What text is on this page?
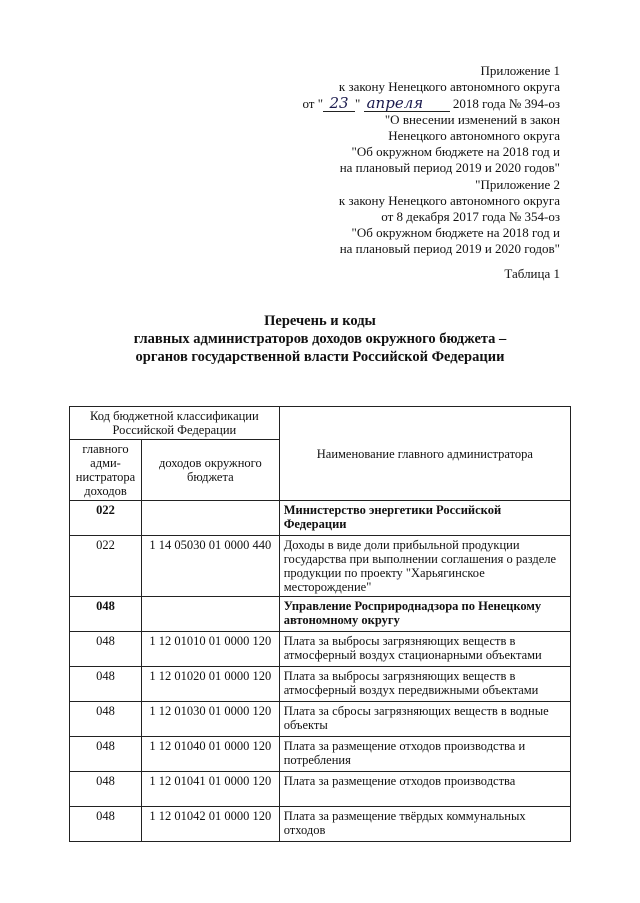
Приложение 1
к закону Ненецкого автономного округа
от " 23 " апреля 2018 года № 394-оз
"О внесении изменений в закон
Ненецкого автономного округа
"Об окружном бюджете на 2018 год и
на плановый период 2019 и 2020 годов"
"Приложение 2
к закону Ненецкого автономного округа
от 8 декабря 2017 года № 354-оз
"Об окружном бюджете на 2018 год и
на плановый период 2019 и 2020 годов"
Таблица 1
Перечень и коды
главных администраторов доходов окружного бюджета –
органов государственной власти Российской Федерации
Код бюджетной классификации Российской Федерации		Наименование главного администратора
главного адми- нистратора доходов	доходов окружного бюджета	
022		Министерство энергетики Российской Федерации
022	1 14 05030 01 0000 440	Доходы в виде доли прибыльной продукции государства при выполнении соглашения о разделе продукции по проекту "Харьягинское месторождение"
048		Управление Росприроднадзора по Ненецкому автономному округу
048	1 12 01010 01 0000 120	Плата за выбросы загрязняющих веществ в атмосферный воздух стационарными объектами
048	1 12 01020 01 0000 120	Плата за выбросы загрязняющих веществ в атмосферный воздух передвижными объектами
048	1 12 01030 01 0000 120	Плата за сбросы загрязняющих веществ в водные объекты
048	1 12 01040 01 0000 120	Плата за размещение отходов производства и потребления
048	1 12 01041 01 0000 120	Плата за размещение отходов производства
048	1 12 01042 01 0000 120	Плата за размещение твёрдых коммунальных отходов
